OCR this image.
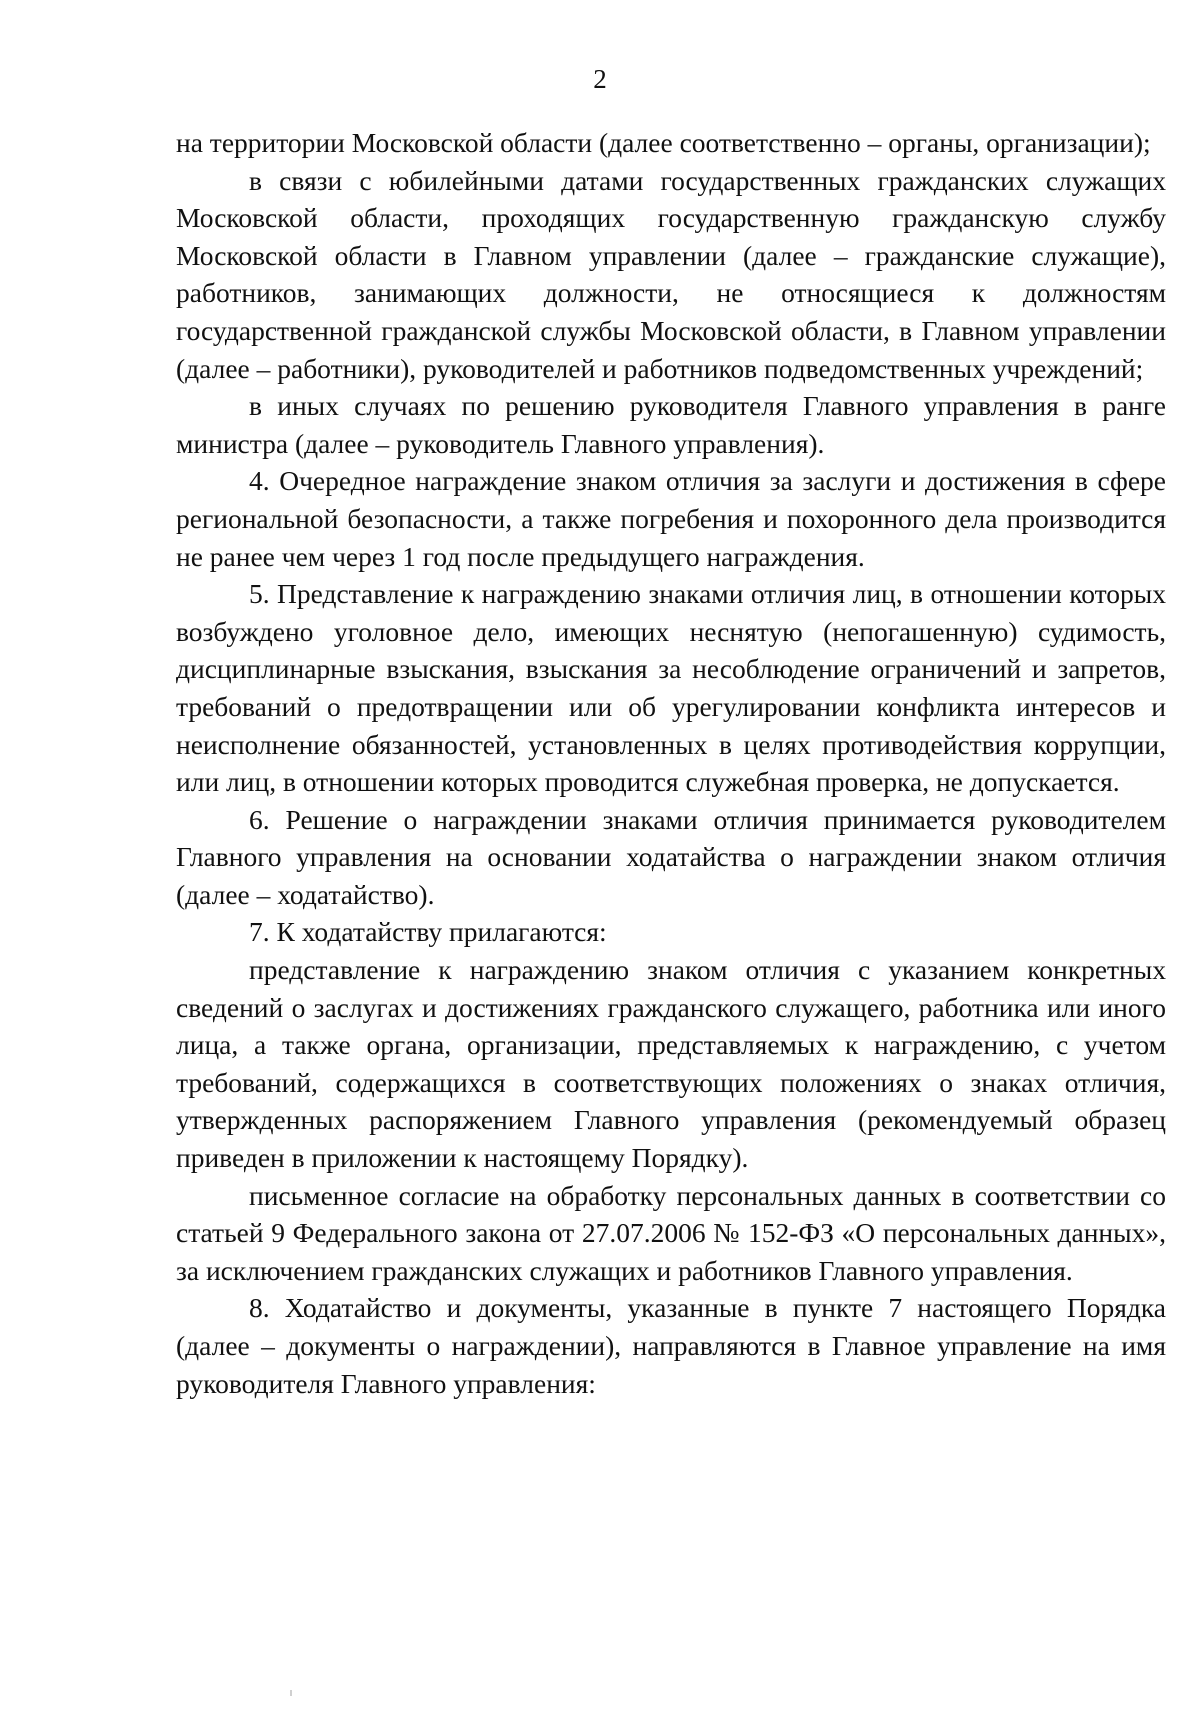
2

на территории Московской области (далее соответственно – органы, организации);

в связи с юбилейными датами государственных гражданских служащих Московской области, проходящих государственную гражданскую службу Московской области в Главном управлении (далее – гражданские служащие), работников, занимающих должности, не относящиеся к должностям государственной гражданской службы Московской области, в Главном управлении (далее – работники), руководителей и работников подведомственных учреждений;

в иных случаях по решению руководителя Главного управления в ранге министра (далее – руководитель Главного управления).

4. Очередное награждение знаком отличия за заслуги и достижения в сфере региональной безопасности, а также погребения и похоронного дела производится не ранее чем через 1 год после предыдущего награждения.

5. Представление к награждению знаками отличия лиц, в отношении которых возбуждено уголовное дело, имеющих неснятую (непогашенную) судимость, дисциплинарные взыскания, взыскания за несоблюдение ограничений и запретов, требований о предотвращении или об урегулировании конфликта интересов и неисполнение обязанностей, установленных в целях противодействия коррупции, или лиц, в отношении которых проводится служебная проверка, не допускается.

6. Решение о награждении знаками отличия принимается руководителем Главного управления на основании ходатайства о награждении знаком отличия (далее – ходатайство).

7. К ходатайству прилагаются:

представление к награждению знаком отличия с указанием конкретных сведений о заслугах и достижениях гражданского служащего, работника или иного лица, а также органа, организации, представляемых к награждению, с учетом требований, содержащихся в соответствующих положениях о знаках отличия, утвержденных распоряжением Главного управления (рекомендуемый образец приведен в приложении к настоящему Порядку).

письменное согласие на обработку персональных данных в соответствии со статьей 9 Федерального закона от 27.07.2006 № 152-ФЗ «О персональных данных», за исключением гражданских служащих и работников Главного управления.

8. Ходатайство и документы, указанные в пункте 7 настоящего Порядка (далее – документы о награждении), направляются в Главное управление на имя руководителя Главного управления:
